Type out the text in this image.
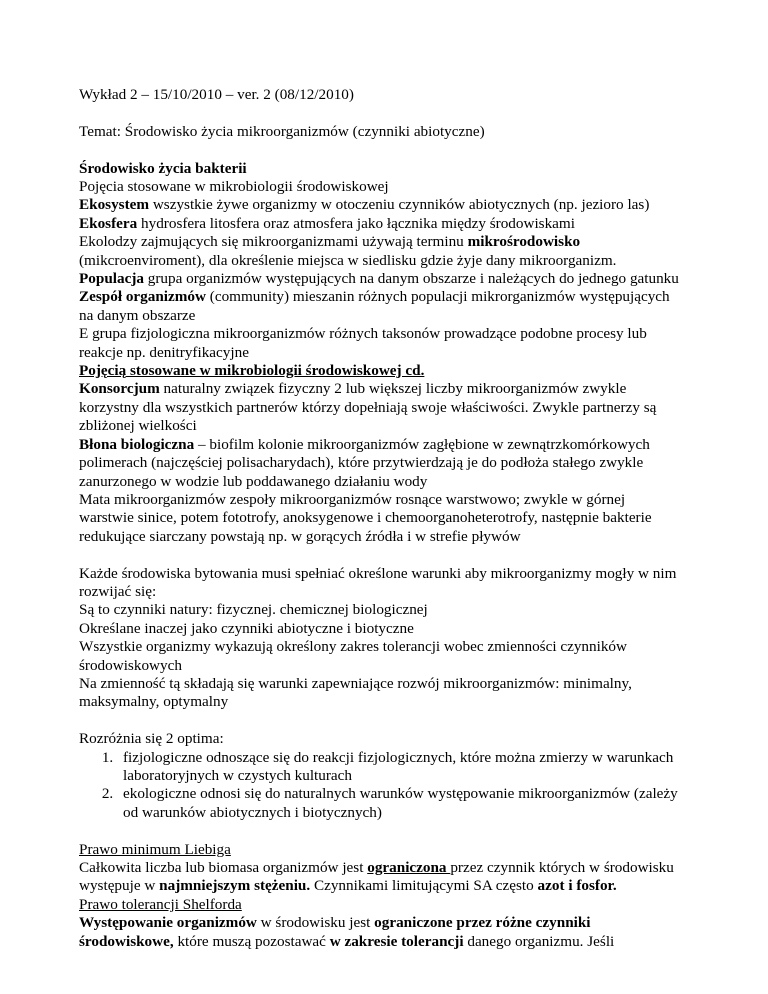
Wykład 2 – 15/10/2010 – ver. 2 (08/12/2010)

Temat: Środowisko życia mikroorganizmów (czynniki abiotyczne)

Środowisko życia bakterii

Pojęcia stosowane w mikrobiologii środowiskowej

Ekosystem wszystkie żywe organizmy w otoczeniu czynników abiotycznych (np. jezioro las)

Ekosfera hydrosfera litosfera oraz atmosfera jako łącznika między środowiskami

Ekolodzy zajmujących się mikroorganizmami używają terminu mikrośrodowisko (mikcroenviroment), dla określenie miejsca w siedlisku gdzie żyje dany mikroorganizm.

Populacja grupa organizmów występujących na danym obszarze i należących do jednego gatunku

Zespół organizmów (community) mieszanin różnych populacji mikrorganizmów występujących na danym obszarze

E grupa fizjologiczna mikroorganizmów różnych taksonów prowadzące podobne procesy lub reakcje np. denitryfikacyjne

Pojęcią stosowane w mikrobiologii środowiskowej cd.

Konsorcjum naturalny związek fizyczny 2 lub większej liczby mikroorganizmów zwykle korzystny dla wszystkich partnerów którzy dopełniają swoje właściwości. Zwykle partnerzy są zbliżonej wielkości

Błona biologiczna – biofilm kolonie mikroorganizmów zagłębione w zewnątrzkomórkowych polimerach (najczęściej polisacharydach), które przytwierdzają je do podłoża stałego zwykle zanurzonego w wodzie lub poddawanego działaniu wody

Mata mikroorganizmów zespoły mikroorganizmów rosnące warstwowo; zwykle w górnej warstwie sinice, potem fototrofy, anoksygenowe i chemoorganoheterotrofy, następnie bakterie redukujące siarczany powstają np. w gorących źródła i w strefie pływów

Każde środowiska bytowania musi spełniać określone warunki aby mikroorganizmy mogły w nim rozwijać się:

Są to czynniki natury: fizycznej. chemicznej biologicznej

Określane inaczej jako czynniki abiotyczne i biotyczne

Wszystkie organizmy wykazują określony zakres tolerancji wobec zmienności czynników środowiskowych

Na zmienność tą składają się warunki zapewniające rozwój mikroorganizmów: minimalny, maksymalny, optymalny

Rozróżnia się 2 optima:

1. fizjologiczne odnoszące się do reakcji fizjologicznych, które można zmierzy w warunkach laboratoryjnych w czystych kulturach
2. ekologiczne odnosi się do naturalnych warunków występowanie mikroorganizmów (zależy od warunków abiotycznych i biotycznych)

Prawo minimum Liebiga

Całkowita liczba lub biomasa organizmów jest ograniczona przez czynnik których w środowisku występuje w najmniejszym stężeniu. Czynnikami limitującymi SA często azot i fosfor.

Prawo tolerancji Shelforda

Występowanie organizmów w środowisku jest ograniczone przez różne czynniki środowiskowe, które muszą pozostawać w zakresie tolerancji danego organizmu. Jeśli
